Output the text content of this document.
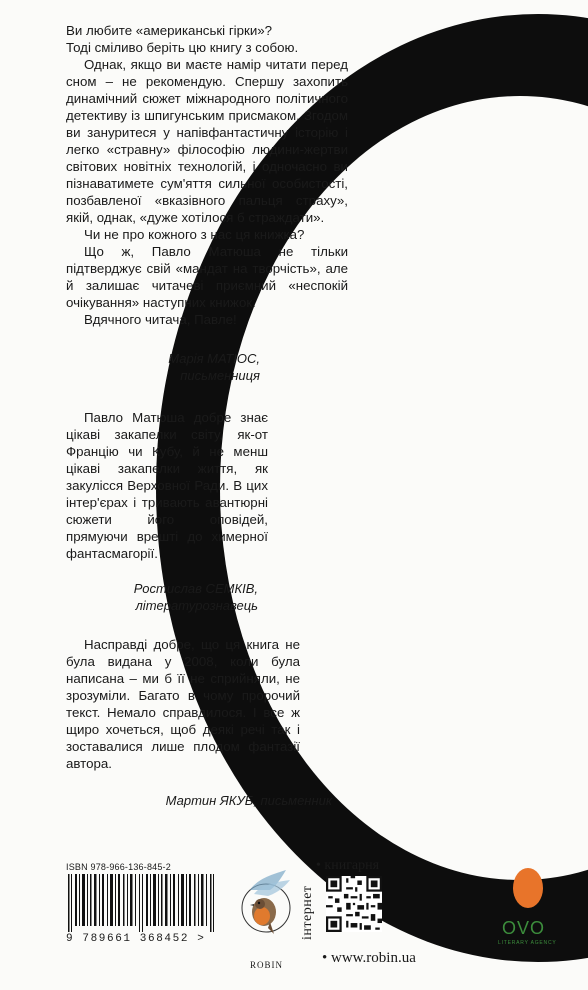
Ви любите «американські гірки»?

Тоді сміливо беріть цю книгу з собою.

Однак, якщо ви маєте намір читати перед сном – не рекомендую. Спершу захопить динамічний сюжет міжнародного політичного детективу із шпигунським присмаком. Згодом ви зануритеся у напівфантастичну історію і легко «стравну» філософію людини-жертви світових новітніх технологій, і одночасно ви пізнаватимете сум'яття сильної особистості, позбавленої «вказівного пальця страху», якій, однак, «дуже хотілося б страждати».

Чи не про кожного з нас ця книжка?

Що ж, Павло Матюша не тільки підтверджує свій «мандат на творчість», але й залишає читачеві приємний «неспокій очікування» наступних книжок.

Вдячного читача, Павле!

Марія МАТІОС,
письменниця

Павло Матюша добре знає цікаві закапелки світу, як-от Францію чи Кубу, й не менш цікаві закапелки життя, як закулісся Верховної Ради. В цих інтер'єрах і тривають авантюрні сюжети його оповідей, прямуючи врешті до химерної фантасмагорії.

Ростислав СЕМКІВ,
літературознавець

Насправді добре, що ця книга не була видана у 2008, коли була написана – ми б її не сприйняли, не зрозуміли. Багато в чому пророчий текст. Немало справдилося. І все ж щиро хочеться, щоб деякі речі так і зоставалися лише плодом фантазії автора.

Мартин ЯКУБ, письменник
ISBN 978-966-136-845-2
9 789661 368452 >
ROBIN
інтернет
• книгарня
• www.robin.ua
OVO
LITERARY AGENCY
